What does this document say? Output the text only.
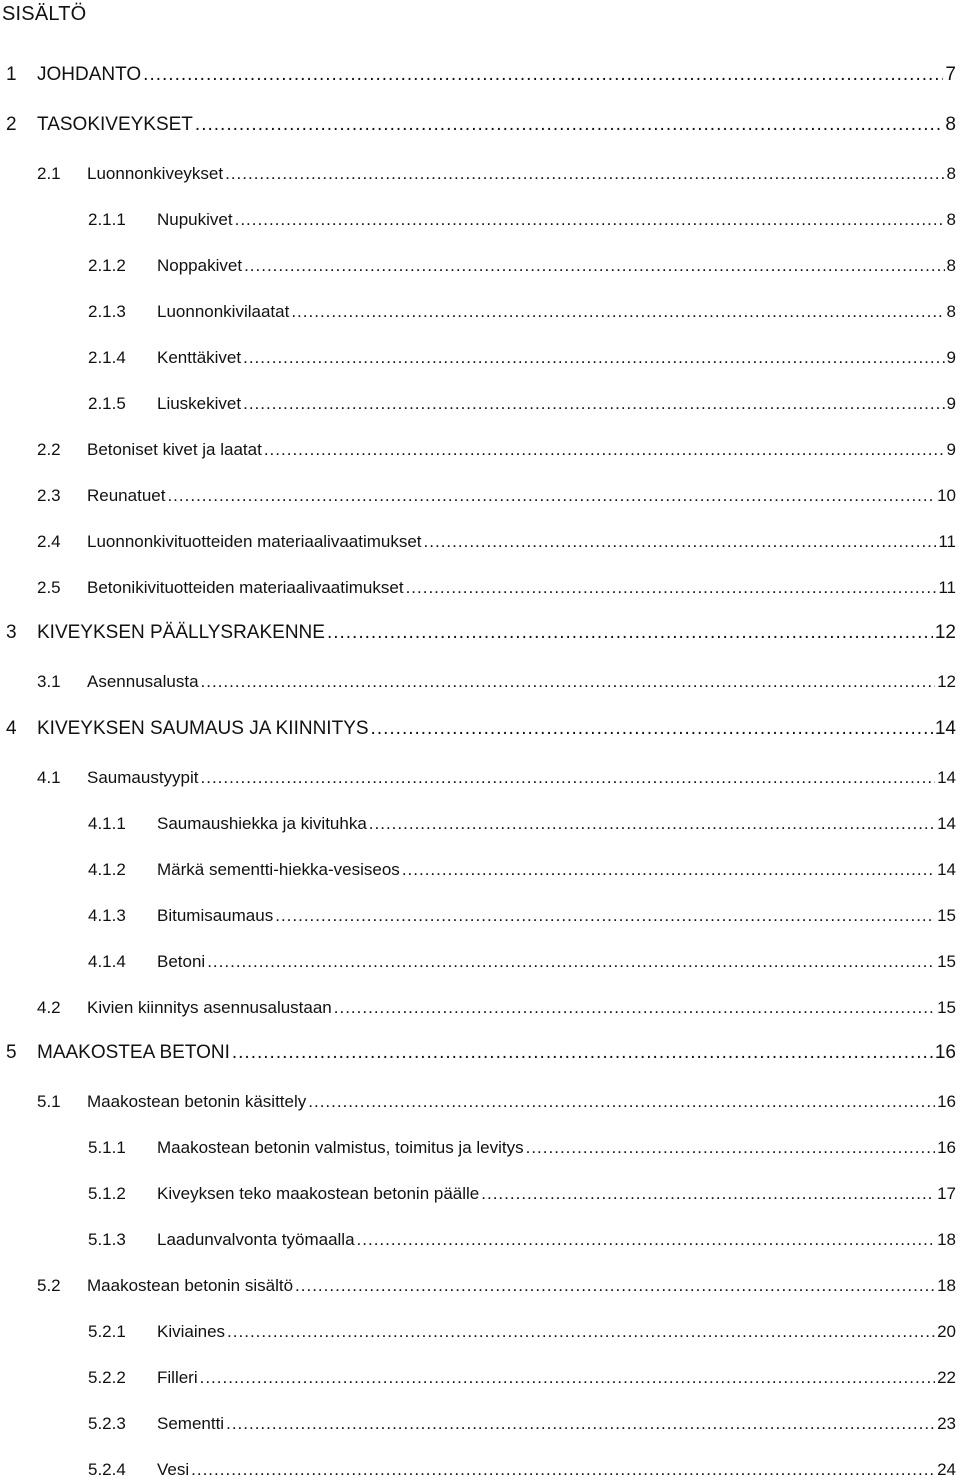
SISÄLTÖ
1	JOHDANTO .....	7
2	TASOKIVEYKSET .....	8
2.1	Luonnonkiveykset .....	8
2.1.1	Nupukivet .....	8
2.1.2	Noppakivet .....	8
2.1.3	Luonnonkivilaatat .....	8
2.1.4	Kenttäkivet .....	9
2.1.5	Liuskekivet .....	9
2.2	Betoniset kivet ja laatat .....	9
2.3	Reunatuet .....	10
2.4	Luonnonkivituotteiden materiaalivaatimukset .....	11
2.5	Betonikivituotteiden materiaalivaatimukset .....	11
3	KIVEYKSEN PÄÄLLYSRAKENNE .....	12
3.1	Asennusalusta .....	12
4	KIVEYKSEN SAUMAUS JA KIINNITYS .....	14
4.1	Saumaustyypit .....	14
4.1.1	Saumaushiekka ja kivituhka .....	14
4.1.2	Märkä sementti-hiekka-vesiseos .....	14
4.1.3	Bitumisaumaus .....	15
4.1.4	Betoni .....	15
4.2	Kivien kiinnitys asennusalustaan .....	15
5	MAAKOSTEA BETONI .....	16
5.1	Maakostean betonin käsittely .....	16
5.1.1	Maakostean betonin valmistus, toimitus ja levitys .....	16
5.1.2	Kiveyksen teko maakostean betonin päälle .....	17
5.1.3	Laadunvalvonta työmaalla .....	18
5.2	Maakostean betonin sisältö .....	18
5.2.1	Kiviaines .....	20
5.2.2	Filleri .....	22
5.2.3	Sementti .....	23
5.2.4	Vesi .....	24
